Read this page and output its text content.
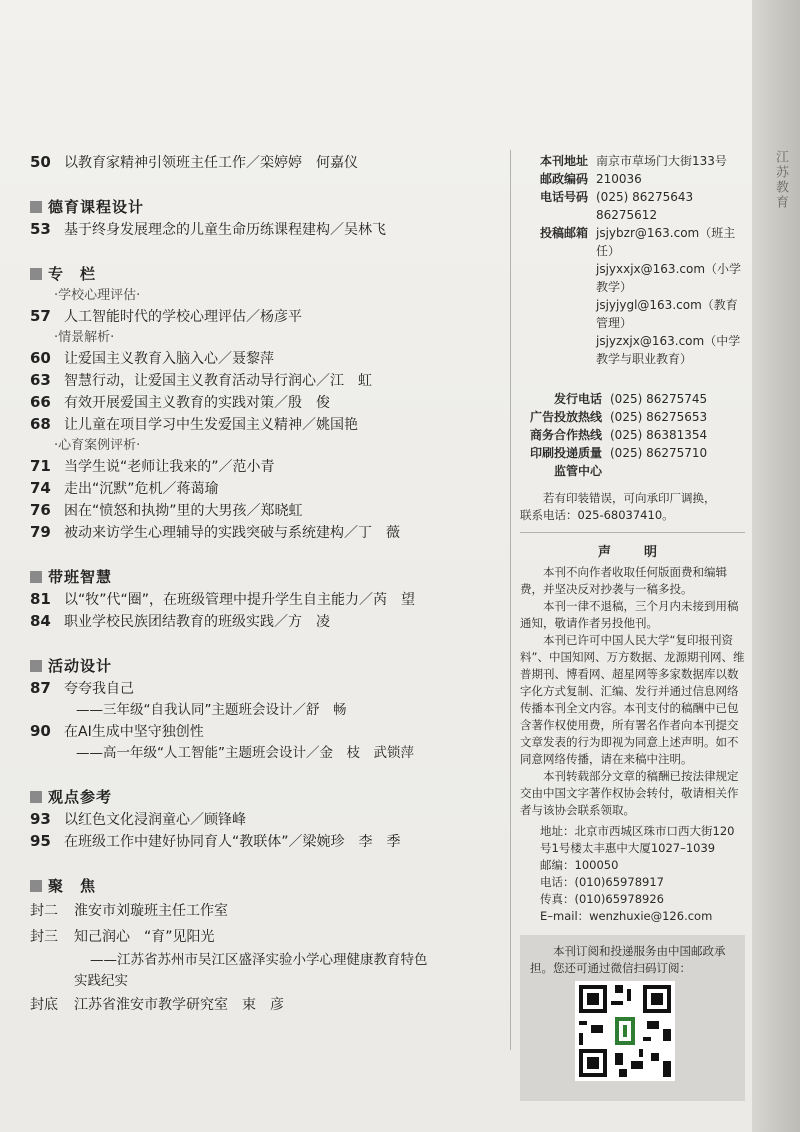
50 以教育家精神引领班主任工作／栾婷婷　何嘉仪
德育课程设计
53 基于终身发展理念的儿童生命历练课程建构／吴林飞
专　栏
·学校心理评估·
57 人工智能时代的学校心理评估／杨彦平
·情景解析·
60 让爱国主义教育入脑入心／聂黎萍
63 智慧行动，让爱国主义教育活动导行润心／江　虹
66 有效开展爱国主义教育的实践对策／殷　俊
68 让儿童在项目学习中生发爱国主义精神／姚国艳
·心育案例评析·
71 当学生说“老师让我来的”／范小青
74 走出“沉默”危机／蒋蔼瑜
76 困在“愤怒和执拗”里的大男孩／郑晓虹
79 被动来访学生心理辅导的实践突破与系统建构／丁　薇
带班智慧
81 以“牧”代“圈”，在班级管理中提升学生自主能力／芮　望
84 职业学校民族团结教育的班级实践／方　凌
活动设计
87 夸夸我自己
——三年级“自我认同”主题班会设计／舒　畅
90 在AI生成中坚守独创性
——高一年级“人工智能”主题班会设计／金　枝　武锁萍
观点参考
93 以红色文化浸润童心／顾锋峰
95 在班级工作中建好协同育人“教联体”／梁婉珍　李　季
聚　焦
封二 淮安市刘璇班主任工作室
封三 知己润心　“育”见阳光
——江苏省苏州市吴江区盛泽实验小学心理健康教育特色
实践纪实
封底 江苏省淮安市教学研究室　束　彦
本刊地址 南京市草场门大街133号
邮政编码 210036
电话号码 (025) 86275643 86275612
投稿邮箱 jsjybzr@163.com（班主任）
jsjyxxjx@163.com（小学教学）
jsjyjygl@163.com（教育管理）
jsjyzxjx@163.com（中学教学与职业教育）
发行电话 (025) 86275745
广告投放热线 (025) 86275653
商务合作热线 (025) 86381354
印刷投递质量监管中心
(025) 86275710

若有印装错误，可向承印厂调换，

联系电话：025-68037410。

声　明

本刊不向作者收取任何版面费和编辑费，并坚决反对抄袭与一稿多投。

本刊一律不退稿，三个月内未接到用稿通知，敬请作者另投他刊。

本刊已许可中国人民大学“复印报刊资料”、中国知网、万方数据、龙源期刊网、维普期刊、博看网、超星网等多家数据库以数字化方式复制、汇编、发行并通过信息网络传播本刊全文内容。本刊支付的稿酬中已包含著作权使用费，所有署名作者向本刊提交文章发表的行为即视为同意上述声明。如不同意网络传播，请在来稿中注明。

本刊转载部分文章的稿酬已按法律规定交由中国文字著作权协会转付，敬请相关作者与该协会联系领取。

地址：北京市西城区珠市口西大街120号1号楼太丰惠中大厦1027–1039
邮编：100050
电话：(010)65978917
传真：(010)65978926
E–mail：wenzhuxie@126.com

本刊订阅和投递服务由中国邮政承担。您还可通过微信扫码订阅：

江苏教育
